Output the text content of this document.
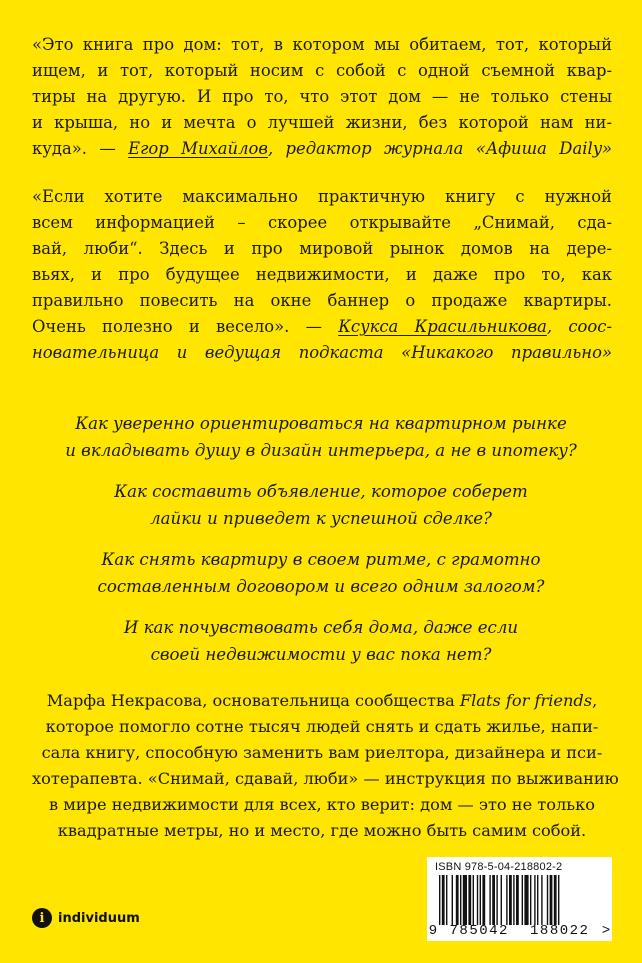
«Это книга про дом: тот, в котором мы обитаем, тот, который
ищем, и тот, который носим с собой с одной съемной квар-
тиры на другую. И про то, что этот дом — не только стены
и крыша, но и мечта о лучшей жизни, без которой нам ни-
куда». — Егор Михайлов, редактор журнала «Афиша Daily»
«Если хотите максимально практичную книгу с нужной
всем информацией – скорее открывайте „Снимай, сда-
вай, люби“. Здесь и про мировой рынок домов на дере-
вьях, и про будущее недвижимости, и даже про то, как
правильно повесить на окне баннер о продаже квартиры.
Очень полезно и весело». — Ксукса Красильникова, соос-
новательница и ведущая подкаста «Никакого правильно»
Как уверенно ориентироваться на квартирном рынке
и вкладывать душу в дизайн интерьера, а не в ипотеку?
Как составить объявление, которое соберет
лайки и приведет к успешной сделке?
Как снять квартиру в своем ритме, с грамотно
составленным договором и всего одним залогом?
И как почувствовать себя дома, даже если
своей недвижимости у вас пока нет?
Марфа Некрасова, основательница сообщества Flats for friends,
которое помогло сотне тысяч людей снять и сдать жилье, напи-
сала книгу, способную заменить вам риелтора, дизайнера и пси-
хотерапевта. «Снимай, сдавай, люби» — инструкция по выживанию
в мире недвижимости для всех, кто верит: дом — это не только
квадратные метры, но и место, где можно быть самим собой.
i	individuum
ISBN 978-5-04-218802-2
9 785042	188022 >
